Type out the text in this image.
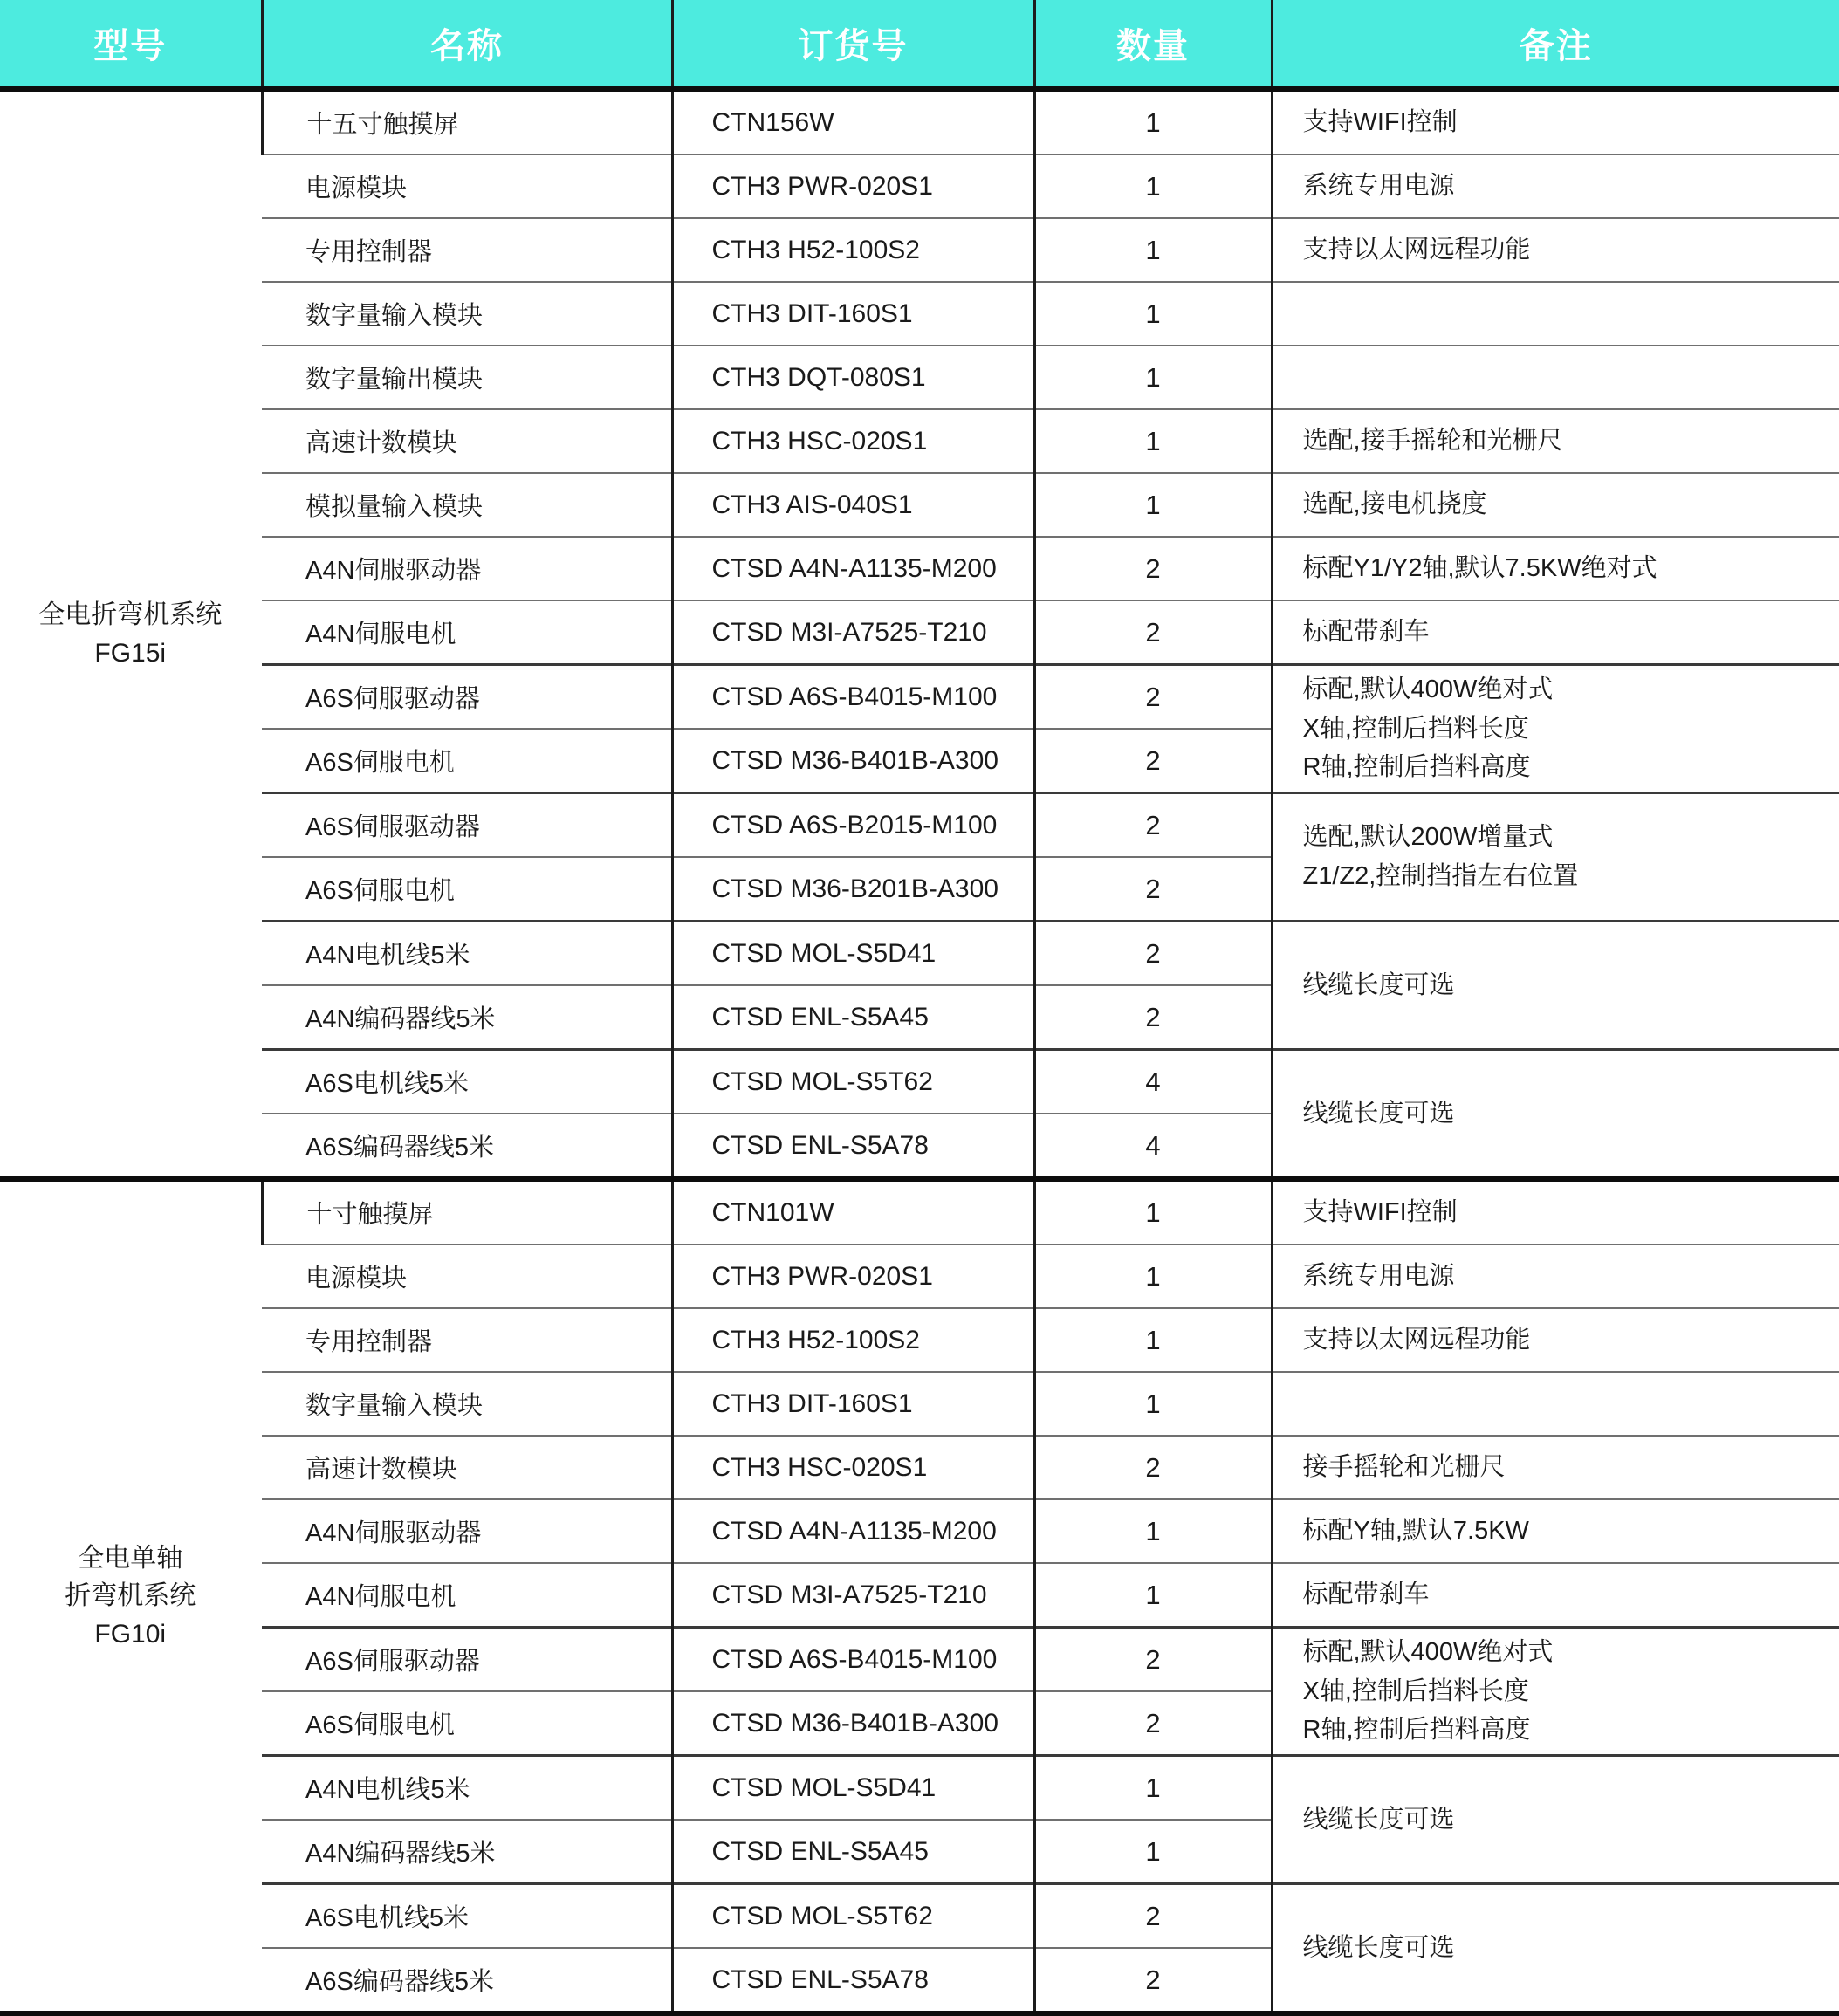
型号	名称	订货号	数量	备注

全电折弯机系统
FG15i	十五寸触摸屏	CTN156W	1	支持WIFI控制

	电源模块	CTH3 PWR-020S1	1	系统专用电源

	专用控制器	CTH3 H52-100S2	1	支持以太网远程功能

	数字量输入模块	CTH3 DIT-160S1	1	
	数字量输出模块	CTH3 DQT-080S1	1	
	高速计数模块	CTH3 HSC-020S1	1	选配,接手摇轮和光栅尺

	模拟量输入模块	CTH3 AIS-040S1	1	选配,接电机挠度

	A4N伺服驱动器	CTSD A4N-A1135-M200	2	标配Y1/Y2轴,默认7.5KW绝对式

	A4N伺服电机	CTSD M3I-A7525-T210	2	标配带刹车

	A6S伺服驱动器	CTSD A6S-B4015-M100	2	标配,默认400W绝对式
X轴,控制后挡料长度
R轴,控制后挡料高度

	A6S伺服电机	CTSD M36-B401B-A300	2	
	A6S伺服驱动器	CTSD A6S-B2015-M100	2	选配,默认200W增量式
Z1/Z2,控制挡指左右位置

	A6S伺服电机	CTSD M36-B201B-A300	2	
	A4N电机线5米	CTSD MOL-S5D41	2	线缆长度可选

	A4N编码器线5米	CTSD ENL-S5A45	2	
	A6S电机线5米	CTSD MOL-S5T62	4	线缆长度可选

	A6S编码器线5米	CTSD ENL-S5A78	4	

全电单轴
折弯机系统
FG10i	十寸触摸屏	CTN101W	1	支持WIFI控制

	电源模块	CTH3 PWR-020S1	1	系统专用电源

	专用控制器	CTH3 H52-100S2	1	支持以太网远程功能

	数字量输入模块	CTH3 DIT-160S1	1	
	高速计数模块	CTH3 HSC-020S1	2	接手摇轮和光栅尺

	A4N伺服驱动器	CTSD A4N-A1135-M200	1	标配Y轴,默认7.5KW

	A4N伺服电机	CTSD M3I-A7525-T210	1	标配带刹车

	A6S伺服驱动器	CTSD A6S-B4015-M100	2	标配,默认400W绝对式
X轴,控制后挡料长度
R轴,控制后挡料高度

	A6S伺服电机	CTSD M36-B401B-A300	2	
	A4N电机线5米	CTSD MOL-S5D41	1	线缆长度可选

	A4N编码器线5米	CTSD ENL-S5A45	1	
	A6S电机线5米	CTSD MOL-S5T62	2	线缆长度可选

	A6S编码器线5米	CTSD ENL-S5A78	2	
